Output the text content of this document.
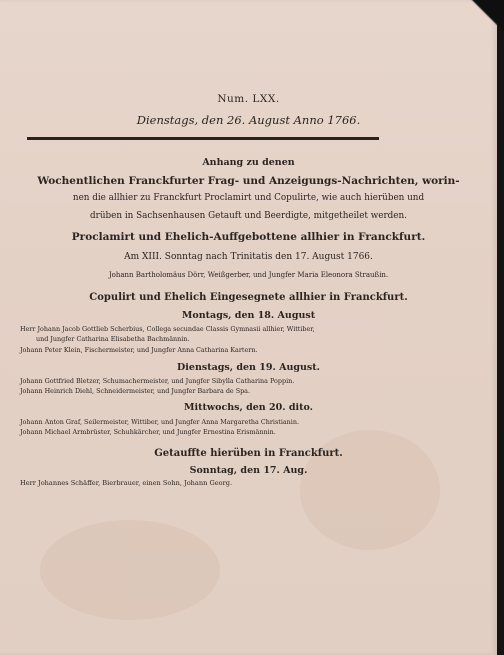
Num. LXX.
Dienstags, den 26. August Anno 1766.
Anhang zu denen
Wochentlichen Franckfurter Frag- und Anzeigungs-Nachrichten, worin-
nen die allhier zu Franckfurt Proclamirt und Copulirte, wie auch hierüben und
drüben in Sachsenhausen Getauft und Beerdigte, mitgetheilet werden.
Proclamirt und Ehelich-Auffgebottene allhier in Franckfurt.
Am XIII. Sonntag nach Trinitatis den 17. August 1766.
Johann Bartholomäus Dörr, Weißgerber, und Jungfer Maria Eleonora Straußin.
Copulirt und Ehelich Eingesegnete allhier in Franckfurt.
Montags, den 18. August
Herr Johann Jacob Gottlieb Scherbius, Collega secundae Classis Gymnasii allhier, Wittiber,
und Jungfer Catharina Elisabetha Bachmännin.
Johann Peter Klein, Fischermeister, und Jungfer Anna Catharina Kartern.
Dienstags, den 19. August.
Johann Gottfried Bletzer, Schumachermeister, und Jungfer Sibylla Catharina Poppin.
Johann Heinrich Diehl, Schneidermeister, und Jungfer Barbara de Spa.
Mittwochs, den 20. dito.
Johann Anton Graf, Seilermeister, Wittiber, und Jungfer Anna Margaretha Christianin.
Johann Michael Armbrüster, Schuhkärcher, und Jungfer Ernestina Erismännin.
Getauffte hierüben in Franckfurt.
Sonntag, den 17. Aug.
Herr Johannes Schäffer, Bierbrauer, einen Sohn, Johann Georg.
